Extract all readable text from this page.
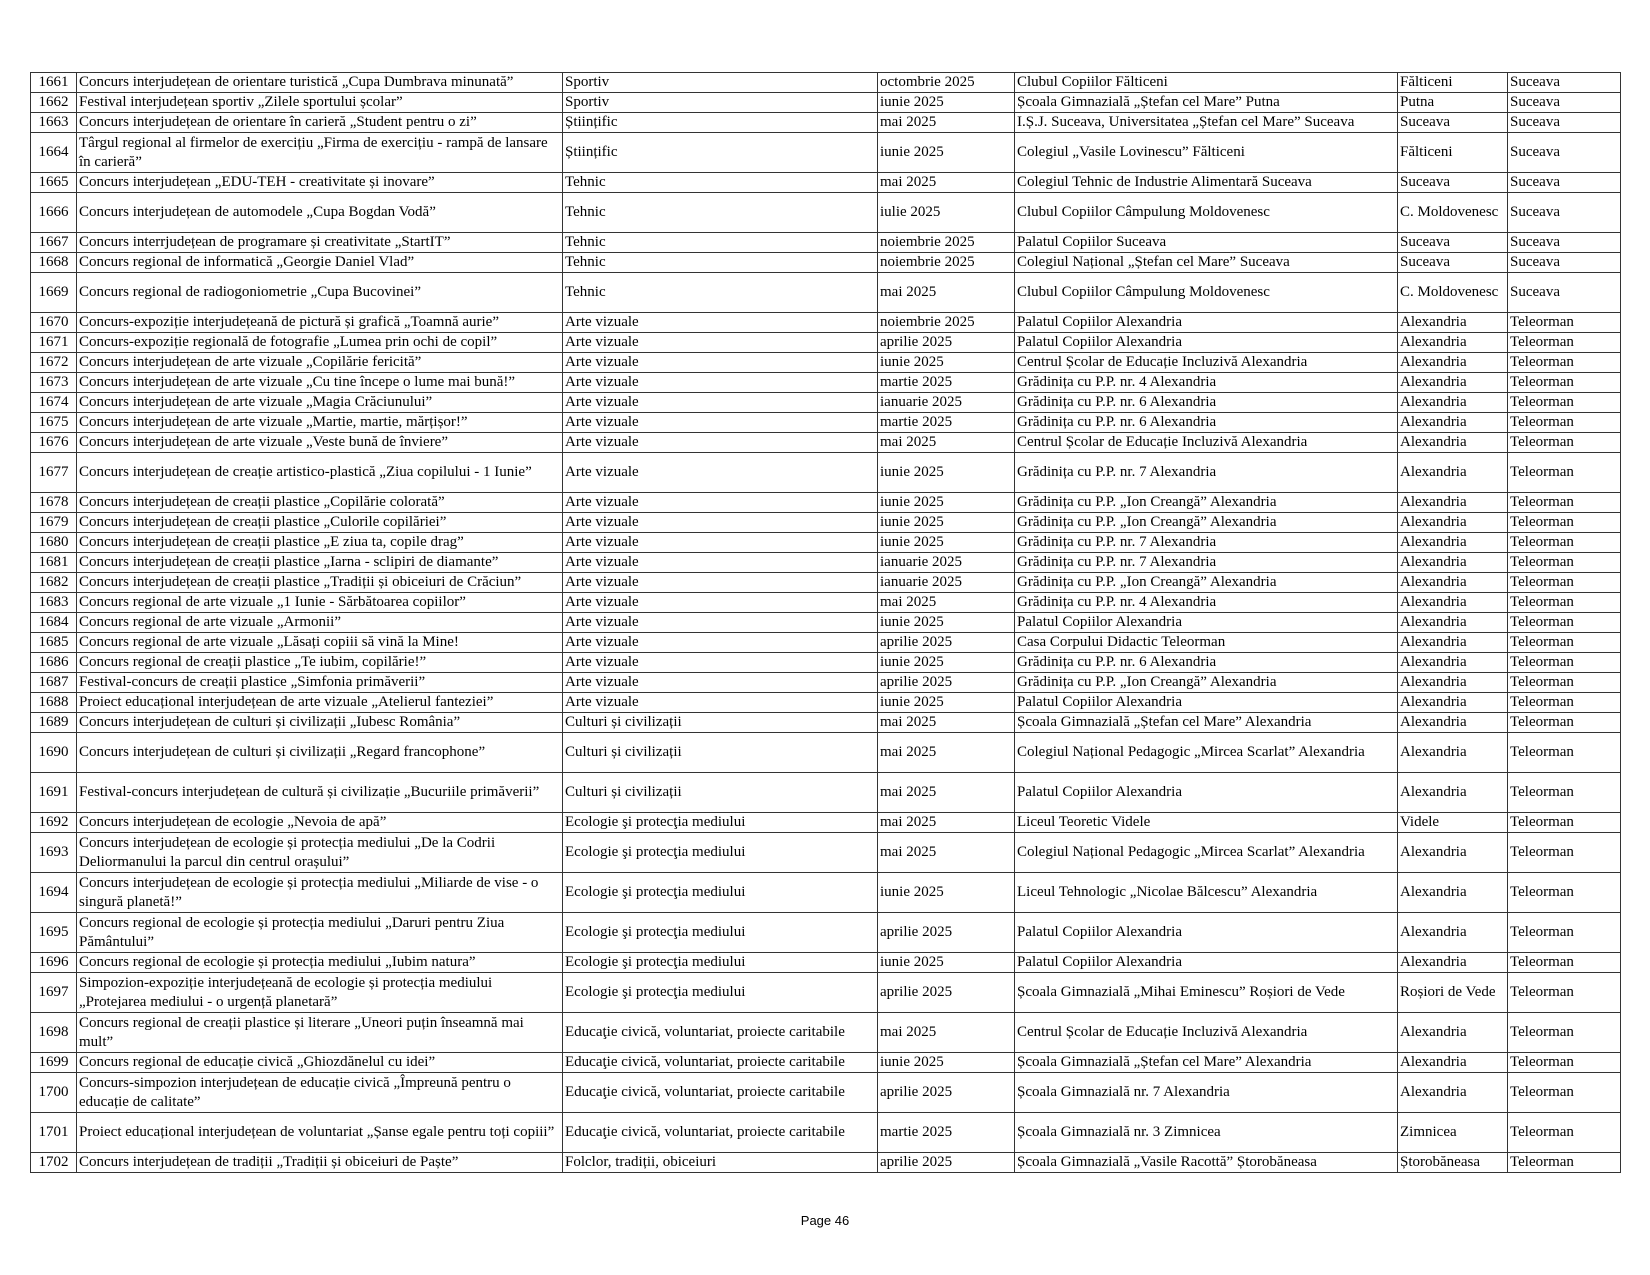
1661	Concurs interjudețean de orientare turistică „Cupa Dumbrava minunată”	Sportiv	octombrie 2025	Clubul Copiilor Fălticeni	Fălticeni	Suceava
1662	Festival interjudețean sportiv „Zilele sportului școlar”	Sportiv	iunie 2025	Școala Gimnazială „Ștefan cel Mare” Putna	Putna	Suceava
1663	Concurs interjudețean de orientare în carieră „Student pentru o zi”	Științific	mai 2025	I.Ș.J. Suceava, Universitatea „Ștefan cel Mare” Suceava	Suceava	Suceava
1664	Târgul regional al firmelor de exercițiu „Firma de exercițiu - rampă de lansare în carieră”	Științific	iunie 2025	Colegiul „Vasile Lovinescu” Fălticeni	Fălticeni	Suceava
1665	Concurs interjudețean „EDU-TEH - creativitate și inovare”	Tehnic	mai 2025	Colegiul Tehnic de Industrie Alimentară Suceava	Suceava	Suceava
1666	Concurs interjudețean de automodele „Cupa Bogdan Vodă”	Tehnic	iulie 2025	Clubul Copiilor Câmpulung Moldovenesc	C. Moldovenesc	Suceava
1667	Concurs interrjudețean de programare și creativitate „StartIT”	Tehnic	noiembrie 2025	Palatul Copiilor Suceava	Suceava	Suceava
1668	Concurs regional de informatică „Georgie Daniel Vlad”	Tehnic	noiembrie 2025	Colegiul Național „Ștefan cel Mare” Suceava	Suceava	Suceava
1669	Concurs regional de radiogoniometrie „Cupa Bucovinei”	Tehnic	mai 2025	Clubul Copiilor Câmpulung Moldovenesc	C. Moldovenesc	Suceava
1670	Concurs-expoziție interjudețeană de pictură și grafică „Toamnă aurie”	Arte vizuale	noiembrie 2025	Palatul Copiilor Alexandria	Alexandria	Teleorman
1671	Concurs-expoziție regională de fotografie „Lumea prin ochi de copil”	Arte vizuale	aprilie 2025	Palatul Copiilor Alexandria	Alexandria	Teleorman
1672	Concurs interjudețean de arte vizuale „Copilărie fericită”	Arte vizuale	iunie 2025	Centrul Școlar de Educație Incluzivă Alexandria	Alexandria	Teleorman
1673	Concurs interjudețean de arte vizuale „Cu tine începe o lume mai bună!”	Arte vizuale	martie 2025	Grădinița cu P.P. nr. 4 Alexandria	Alexandria	Teleorman
1674	Concurs interjudețean de arte vizuale „Magia Crăciunului”	Arte vizuale	ianuarie 2025	Grădinița cu P.P. nr. 6 Alexandria	Alexandria	Teleorman
1675	Concurs interjudețean de arte vizuale „Martie, martie, mărțișor!”	Arte vizuale	martie 2025	Grădinița cu P.P. nr. 6 Alexandria	Alexandria	Teleorman
1676	Concurs interjudețean de arte vizuale „Veste bună de înviere”	Arte vizuale	mai 2025	Centrul Școlar de Educație Incluzivă Alexandria	Alexandria	Teleorman
1677	Concurs interjudețean de creație artistico-plastică „Ziua copilului - 1 Iunie”	Arte vizuale	iunie 2025	Grădinița cu P.P. nr. 7 Alexandria	Alexandria	Teleorman
1678	Concurs interjudețean de creații plastice „Copilărie colorată”	Arte vizuale	iunie 2025	Grădinița cu P.P. „Ion Creangă” Alexandria	Alexandria	Teleorman
1679	Concurs interjudețean de creații plastice „Culorile copilăriei”	Arte vizuale	iunie 2025	Grădinița cu P.P. „Ion Creangă” Alexandria	Alexandria	Teleorman
1680	Concurs interjudețean de creații plastice „E ziua ta, copile drag”	Arte vizuale	iunie 2025	Grădinița cu P.P. nr. 7 Alexandria	Alexandria	Teleorman
1681	Concurs interjudețean de creații plastice „Iarna - sclipiri de diamante”	Arte vizuale	ianuarie 2025	Grădinița cu P.P. nr. 7 Alexandria	Alexandria	Teleorman
1682	Concurs interjudețean de creații plastice „Tradiții și obiceiuri de Crăciun”	Arte vizuale	ianuarie 2025	Grădinița cu P.P. „Ion Creangă” Alexandria	Alexandria	Teleorman
1683	Concurs regional de arte vizuale „1 Iunie - Sărbătoarea copiilor”	Arte vizuale	mai 2025	Grădinița cu P.P. nr. 4 Alexandria	Alexandria	Teleorman
1684	Concurs regional de arte vizuale „Armonii”	Arte vizuale	iunie 2025	Palatul Copiilor Alexandria	Alexandria	Teleorman
1685	Concurs regional de arte vizuale „Lăsați copiii să vină la Mine!	Arte vizuale	aprilie 2025	Casa Corpului Didactic Teleorman	Alexandria	Teleorman
1686	Concurs regional de creații plastice „Te iubim, copilărie!”	Arte vizuale	iunie 2025	Grădinița cu P.P. nr. 6 Alexandria	Alexandria	Teleorman
1687	Festival-concurs de creații plastice „Simfonia primăverii”	Arte vizuale	aprilie 2025	Grădinița cu P.P. „Ion Creangă” Alexandria	Alexandria	Teleorman
1688	Proiect educațional interjudețean de arte vizuale „Atelierul fanteziei”	Arte vizuale	iunie 2025	Palatul Copiilor Alexandria	Alexandria	Teleorman
1689	Concurs interjudețean de culturi și civilizații „Iubesc România”	Culturi și civilizații	mai 2025	Școala Gimnazială „Ștefan cel Mare” Alexandria	Alexandria	Teleorman
1690	Concurs interjudețean de culturi și civilizații „Regard francophone”	Culturi și civilizații	mai 2025	Colegiul Național Pedagogic „Mircea Scarlat” Alexandria	Alexandria	Teleorman
1691	Festival-concurs interjudețean de cultură și civilizație „Bucuriile primăverii”	Culturi și civilizații	mai 2025	Palatul Copiilor Alexandria	Alexandria	Teleorman
1692	Concurs interjudețean de ecologie „Nevoia de apă”	Ecologie şi protecţia mediului	mai 2025	Liceul Teoretic Videle	Videle	Teleorman
1693	Concurs interjudețean de ecologie și protecția mediului „De la Codrii Deliormanului la parcul din centrul orașului”	Ecologie şi protecţia mediului	mai 2025	Colegiul Național Pedagogic „Mircea Scarlat” Alexandria	Alexandria	Teleorman
1694	Concurs interjudețean de ecologie și protecția mediului „Miliarde de vise - o singură planetă!”	Ecologie şi protecţia mediului	iunie 2025	Liceul Tehnologic „Nicolae Bălcescu” Alexandria	Alexandria	Teleorman
1695	Concurs regional de ecologie și protecția mediului „Daruri pentru Ziua Pământului”	Ecologie şi protecţia mediului	aprilie 2025	Palatul Copiilor Alexandria	Alexandria	Teleorman
1696	Concurs regional de ecologie și protecția mediului „Iubim natura”	Ecologie şi protecţia mediului	iunie 2025	Palatul Copiilor Alexandria	Alexandria	Teleorman
1697	Simpozion-expoziție interjudețeană de ecologie și protecția mediului „Protejarea mediului - o urgență planetară”	Ecologie şi protecţia mediului	aprilie 2025	Școala Gimnazială „Mihai Eminescu” Roșiori de Vede	Roșiori de Vede	Teleorman
1698	Concurs regional de creații plastice și literare „Uneori puțin înseamnă mai mult”	Educaţie civică, voluntariat, proiecte caritabile	mai 2025	Centrul Școlar de Educație Incluzivă Alexandria	Alexandria	Teleorman
1699	Concurs regional de educație civică „Ghiozdănelul cu idei”	Educaţie civică, voluntariat, proiecte caritabile	iunie 2025	Școala Gimnazială „Ștefan cel Mare” Alexandria	Alexandria	Teleorman
1700	Concurs-simpozion interjudețean de educație civică „Împreună pentru o educație de calitate”	Educaţie civică, voluntariat, proiecte caritabile	aprilie 2025	Școala Gimnazială nr. 7 Alexandria	Alexandria	Teleorman
1701	Proiect educațional interjudețean de voluntariat „Șanse egale pentru toți copiii”	Educaţie civică, voluntariat, proiecte caritabile	martie 2025	Școala Gimnazială nr. 3 Zimnicea	Zimnicea	Teleorman
1702	Concurs interjudețean de tradiții „Tradiții și obiceiuri de Paște”	Folclor, tradiții, obiceiuri	aprilie 2025	Școala Gimnazială „Vasile Racottă” Ștorobăneasa	Ștorobăneasa	Teleorman
Page 46
